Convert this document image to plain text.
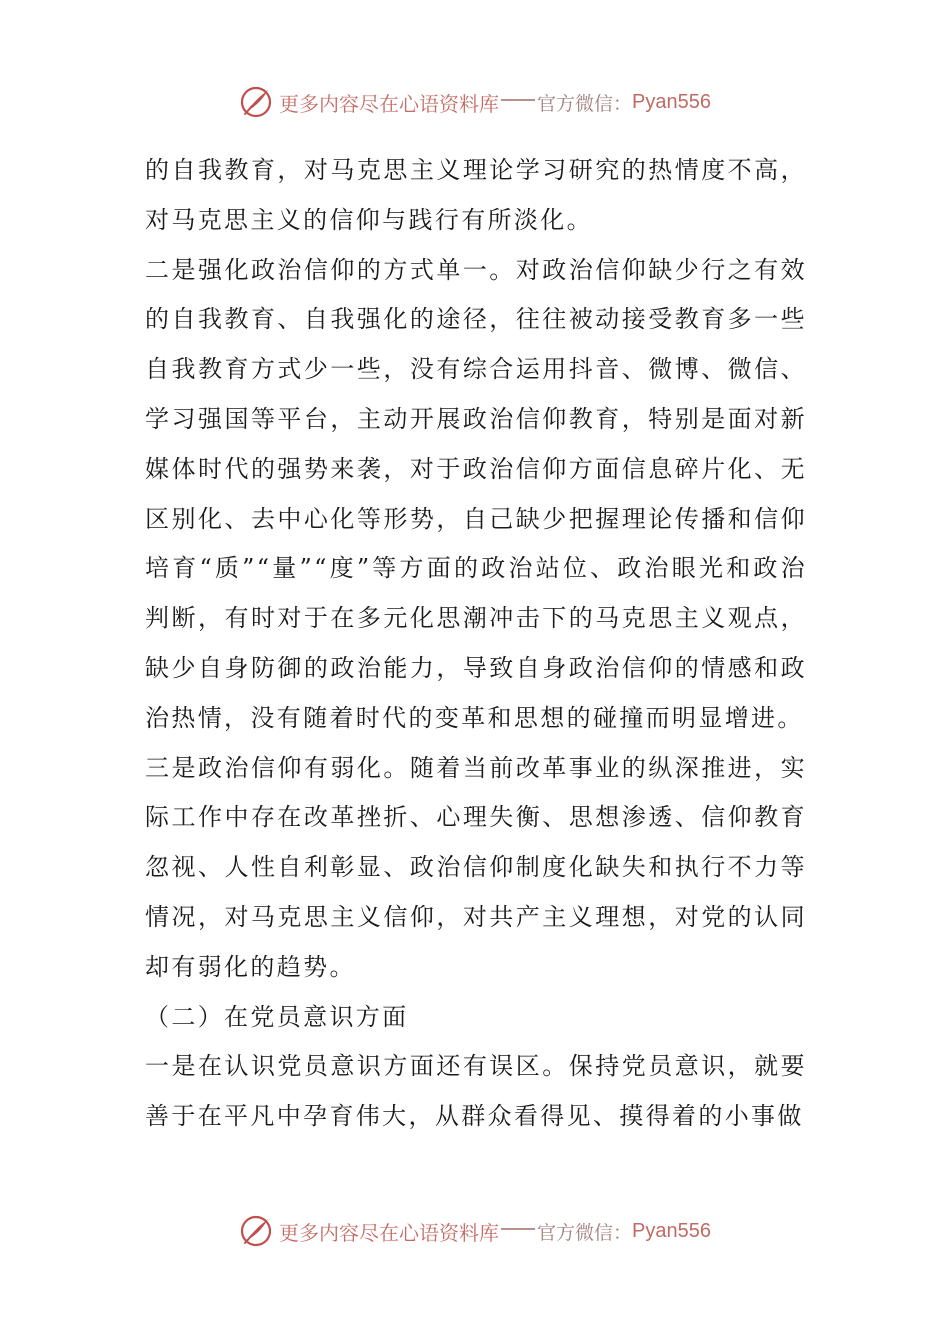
更多内容尽在心语资料库 官方微信： Pyan556

的自我教育，对马克思主义理论学习研究的热情度不高，对马克思主义的信仰与践行有所淡化。

二是强化政治信仰的方式单一。对政治信仰缺少行之有效的自我教育、自我强化的途径，往往被动接受教育多一些自我教育方式少一些，没有综合运用抖音、微博、微信、学习强国等平台，主动开展政治信仰教育，特别是面对新媒体时代的强势来袭，对于政治信仰方面信息碎片化、无区别化、去中心化等形势，自己缺少把握理论传播和信仰培育“质”“量”“度”等方面的政治站位、政治眼光和政治判断，有时对于在多元化思潮冲击下的马克思主义观点，缺少自身防御的政治能力，导致自身政治信仰的情感和政治热情，没有随着时代的变革和思想的碰撞而明显增进。

三是政治信仰有弱化。随着当前改革事业的纵深推进，实际工作中存在改革挫折、心理失衡、思想渗透、信仰教育忽视、人性自利彰显、政治信仰制度化缺失和执行不力等情况，对马克思主义信仰，对共产主义理想，对党的认同却有弱化的趋势。

（二）在党员意识方面

一是在认识党员意识方面还有误区。保持党员意识，就要善于在平凡中孕育伟大，从群众看得见、摸得着的小事做

更多内容尽在心语资料库 官方微信： Pyan556
